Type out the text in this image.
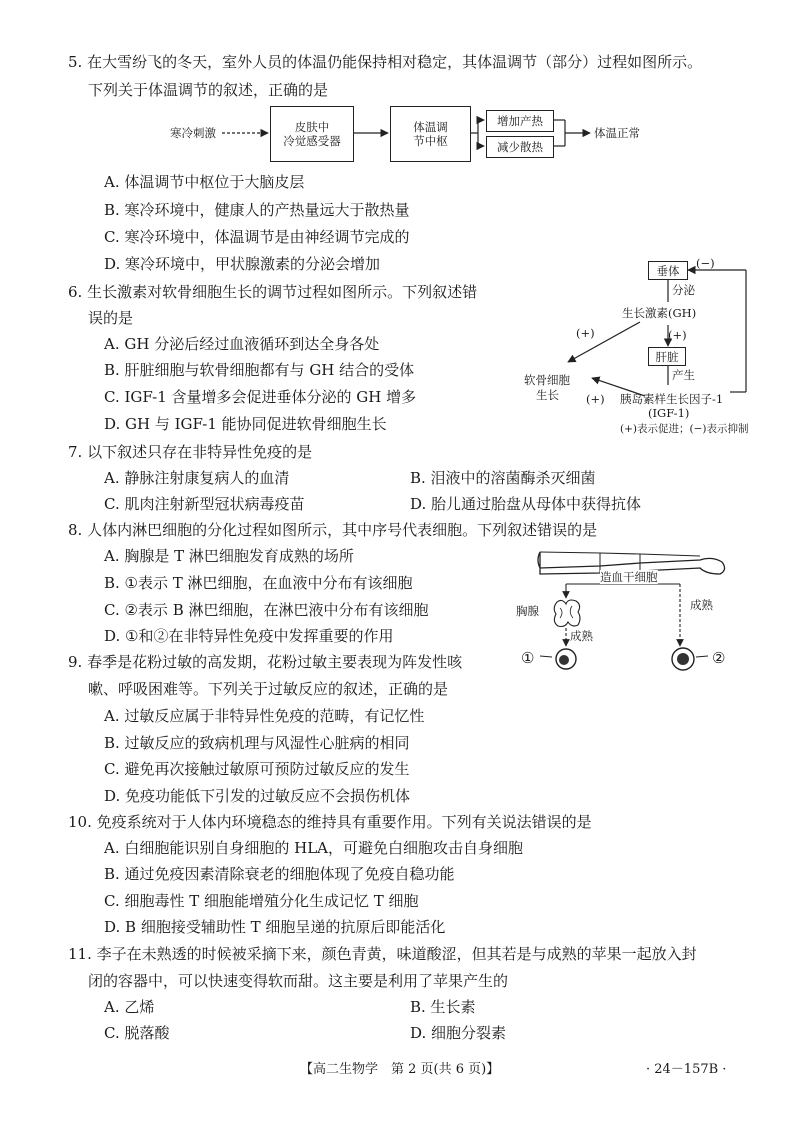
5. 在大雪纷飞的冬天，室外人员的体温仍能保持相对稳定，其体温调节（部分）过程如图所示。
下列关于体温调节的叙述，正确的是
寒冷刺激	皮肤中
冷觉感受器
体温调
节中枢
增加产热
减少散热
体温正常
A. 体温调节中枢位于大脑皮层
B. 寒冷环境中，健康人的产热量远大于散热量
C. 寒冷环境中，体温调节是由神经调节完成的
D. 寒冷环境中，甲状腺激素的分泌会增加
6. 生长激素对软骨细胞生长的调节过程如图所示。下列叙述错
误的是
A. GH 分泌后经过血液循环到达全身各处
B. 肝脏细胞与软骨细胞都有与 GH 结合的受体
C. IGF-1 含量增多会促进垂体分泌的 GH 增多
D. GH 与 IGF-1 能协同促进软骨细胞生长
垂体
(−)
分泌
生长激素(GH)
(+)	(+)
肝脏
产生
软骨细胞
生长 (+) 胰岛素样生长因子-1
(IGF-1)
(+)表示促进；(−)表示抑制
7. 以下叙述只存在非特异性免疫的是
A. 静脉注射康复病人的血清	B. 泪液中的溶菌酶杀灭细菌
C. 肌肉注射新型冠状病毒疫苗	D. 胎儿通过胎盘从母体中获得抗体
8. 人体内淋巴细胞的分化过程如图所示，其中序号代表细胞。下列叙述错误的是
A. 胸腺是 T 淋巴细胞发育成熟的场所
B. ①表示 T 淋巴细胞，在血液中分布有该细胞
C. ②表示 B 淋巴细胞，在淋巴液中分布有该细胞
D. ①和②在非特异性免疫中发挥重要的作用
造血干细胞
胸腺
成熟
成熟
①	②
9. 春季是花粉过敏的高发期，花粉过敏主要表现为阵发性咳
嗽、呼吸困难等。下列关于过敏反应的叙述，正确的是
A. 过敏反应属于非特异性免疫的范畴，有记忆性
B. 过敏反应的致病机理与风湿性心脏病的相同
C. 避免再次接触过敏原可预防过敏反应的发生
D. 免疫功能低下引发的过敏反应不会损伤机体
10. 免疫系统对于人体内环境稳态的维持具有重要作用。下列有关说法错误的是
A. 白细胞能识别自身细胞的 HLA，可避免白细胞攻击自身细胞
B. 通过免疫因素清除衰老的细胞体现了免疫自稳功能
C. 细胞毒性 T 细胞能增殖分化生成记忆 T 细胞
D. B 细胞接受辅助性 T 细胞呈递的抗原后即能活化
11. 李子在未熟透的时候被采摘下来，颜色青黄，味道酸涩，但其若是与成熟的苹果一起放入封
闭的容器中，可以快速变得软而甜。这主要是利用了苹果产生的
A. 乙烯	B. 生长素
C. 脱落酸	D. 细胞分裂素
【高二生物学　第 2 页(共 6 页)】	· 24－157B ·
